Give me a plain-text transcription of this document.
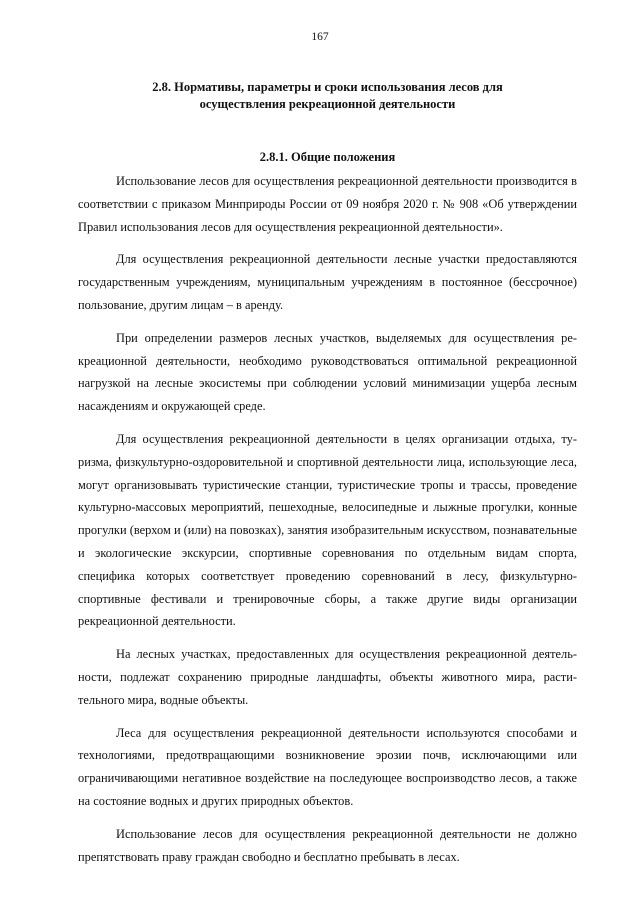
167
2.8. Нормативы, параметры и сроки использования лесов для
осуществления рекреационной деятельности
2.8.1. Общие положения

Использование лесов для осуществления рекреационной деятельности производится в соответствии с приказом Минприроды России от 09 ноября 2020 г. № 908 «Об утверждении Правил использования лесов для осуществления рекреационной деятельности».

Для осуществления рекреационной деятельности лесные участки предоставляются государственным учреждениям, муниципальным учреждениям в постоянное (бессрочное) пользование, другим лицам – в аренду.

При определении размеров лесных участков, выделяемых для осуществления рекреационной деятельности, необходимо руководствоваться оптимальной рекреационной нагрузкой на лесные экосистемы при соблюдении условий минимизации ущерба лесным насаждениям и окружающей среде.

Для осуществления рекреационной деятельности в целях организации отдыха, туризма, физкультурно-оздоровительной и спортивной деятельности лица, использующие леса, могут организовывать туристические станции, туристические тропы и трассы, проведение культурно-массовых мероприятий, пешеходные, велосипедные и лыжные прогулки, конные прогулки (верхом и (или) на повозках), занятия изобразительным искусством, познавательные и экологические экскурсии, спортивные соревнования по отдельным видам спорта, специфика которых соответствует проведению соревнований в лесу, физкультурно-спортивные фестивали и тренировочные сборы, а также другие виды организации рекреационной деятельности.

На лесных участках, предоставленных для осуществления рекреационной деятельности, подлежат сохранению природные ландшафты, объекты животного мира, растительного мира, водные объекты.

Леса для осуществления рекреационной деятельности используются способами и технологиями, предотвращающими возникновение эрозии почв, исключающими или ограничивающими негативное воздействие на последующее воспроизводство лесов, а также на состояние водных и других природных объектов.

Использование лесов для осуществления рекреационной деятельности не должно препятствовать праву граждан свободно и бесплатно пребывать в лесах.
